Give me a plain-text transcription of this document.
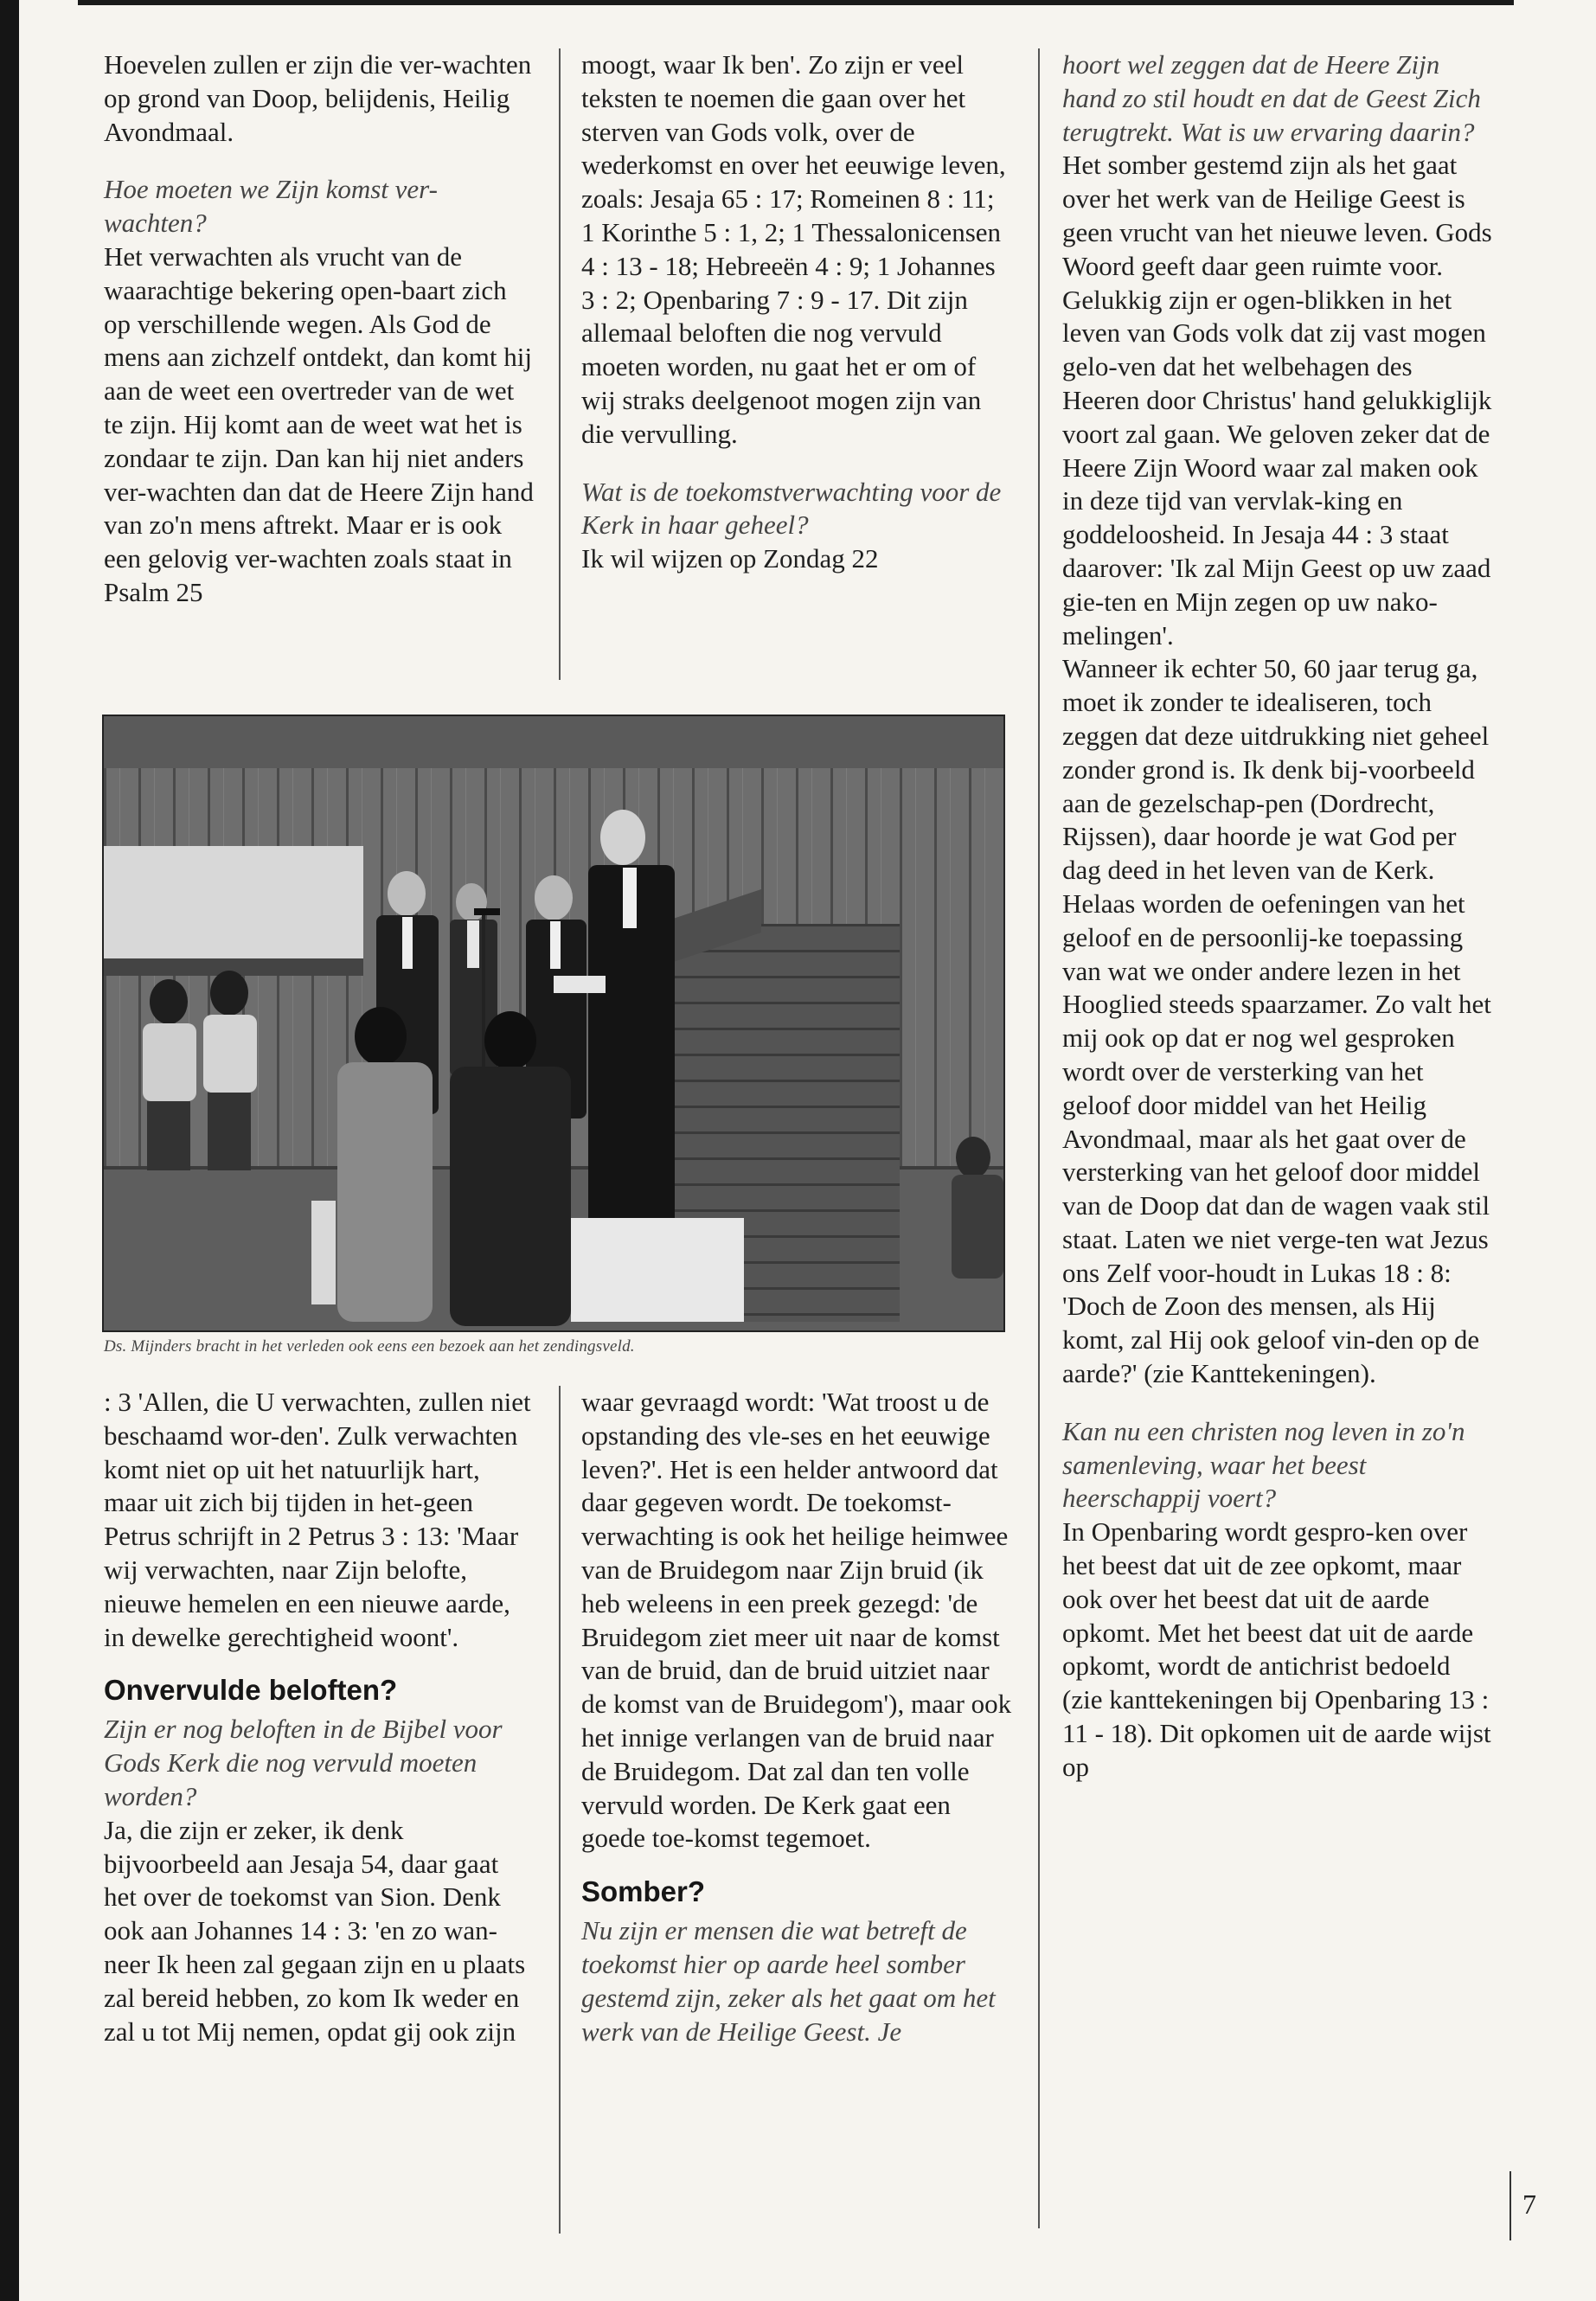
Hoevelen zullen er zijn die ver-wachten op grond van Doop, belijdenis, Heilig Avondmaal.

Hoe moeten we Zijn komst ver-wachten?

Het verwachten als vrucht van de waarachtige bekering open-baart zich op verschillende wegen. Als God de mens aan zichzelf ontdekt, dan komt hij aan de weet een overtreder van de wet te zijn. Hij komt aan de weet wat het is zondaar te zijn. Dan kan hij niet anders ver-wachten dan dat de Heere Zijn hand van zo'n mens aftrekt. Maar er is ook een gelovig ver-wachten zoals staat in Psalm 25

moogt, waar Ik ben'. Zo zijn er veel teksten te noemen die gaan over het sterven van Gods volk, over de wederkomst en over het eeuwige leven, zoals: Jesaja 65 : 17; Romeinen 8 : 11; 1 Korinthe 5 : 1, 2; 1 Thessalonicensen 4 : 13 - 18; Hebreeën 4 : 9; 1 Johannes 3 : 2; Openbaring 7 : 9 - 17. Dit zijn allemaal beloften die nog vervuld moeten worden, nu gaat het er om of wij straks deelgenoot mogen zijn van die vervulling.

Wat is de toekomstverwachting voor de Kerk in haar geheel?

Ik wil wijzen op Zondag 22

hoort wel zeggen dat de Heere Zijn hand zo stil houdt en dat de Geest Zich terugtrekt. Wat is uw ervaring daarin?

Het somber gestemd zijn als het gaat over het werk van de Heilige Geest is geen vrucht van het nieuwe leven. Gods Woord geeft daar geen ruimte voor. Gelukkig zijn er ogen-blikken in het leven van Gods volk dat zij vast mogen gelo-ven dat het welbehagen des Heeren door Christus' hand gelukkiglijk voort zal gaan. We geloven zeker dat de Heere Zijn Woord waar zal maken ook in deze tijd van vervlak-king en goddeloosheid. In Jesaja 44 : 3 staat daarover: 'Ik zal Mijn Geest op uw zaad gie-ten en Mijn zegen op uw nako-melingen'.

Wanneer ik echter 50, 60 jaar terug ga, moet ik zonder te idealiseren, toch zeggen dat deze uitdrukking niet geheel zonder grond is. Ik denk bij-voorbeeld aan de gezelschap-pen (Dordrecht, Rijssen), daar hoorde je wat God per dag deed in het leven van de Kerk. Helaas worden de oefeningen van het geloof en de persoonlij-ke toepassing van wat we onder andere lezen in het Hooglied steeds spaarzamer. Zo valt het mij ook op dat er nog wel gesproken wordt over de versterking van het geloof door middel van het Heilig Avondmaal, maar als het gaat over de versterking van het geloof door middel van de Doop dat dan de wagen vaak stil staat. Laten we niet verge-ten wat Jezus ons Zelf voor-houdt in Lukas 18 : 8: 'Doch de Zoon des mensen, als Hij komt, zal Hij ook geloof vin-den op de aarde?' (zie Kanttekeningen).

Kan nu een christen nog leven in zo'n samenleving, waar het beest heerschappij voert?

In Openbaring wordt gespro-ken over het beest dat uit de zee opkomt, maar ook over het beest dat uit de aarde opkomt. Met het beest dat uit de aarde opkomt, wordt de antichrist bedoeld (zie kanttekeningen bij Openbaring 13 : 11 - 18). Dit opkomen uit de aarde wijst op

Ds. Mijnders bracht in het verleden ook eens een bezoek aan het zendingsveld.

: 3 'Allen, die U verwachten, zullen niet beschaamd wor-den'. Zulk verwachten komt niet op uit het natuurlijk hart, maar uit zich bij tijden in het-geen Petrus schrijft in 2 Petrus 3 : 13: 'Maar wij verwachten, naar Zijn belofte, nieuwe hemelen en een nieuwe aarde, in dewelke gerechtigheid woont'.

Onvervulde beloften?

Zijn er nog beloften in de Bijbel voor Gods Kerk die nog vervuld moeten worden?

Ja, die zijn er zeker, ik denk bijvoorbeeld aan Jesaja 54, daar gaat het over de toekomst van Sion. Denk ook aan Johannes 14 : 3: 'en zo wan-neer Ik heen zal gegaan zijn en u plaats zal bereid hebben, zo kom Ik weder en zal u tot Mij nemen, opdat gij ook zijn

waar gevraagd wordt: 'Wat troost u de opstanding des vle-ses en het eeuwige leven?'. Het is een helder antwoord dat daar gegeven wordt. De toekomst-verwachting is ook het heilige heimwee van de Bruidegom naar Zijn bruid (ik heb weleens in een preek gezegd: 'de Bruidegom ziet meer uit naar de komst van de bruid, dan de bruid uitziet naar de komst van de Bruidegom'), maar ook het innige verlangen van de bruid naar de Bruidegom. Dat zal dan ten volle vervuld worden. De Kerk gaat een goede toe-komst tegemoet.

Somber?

Nu zijn er mensen die wat betreft de toekomst hier op aarde heel somber gestemd zijn, zeker als het gaat om het werk van de Heilige Geest. Je

7
